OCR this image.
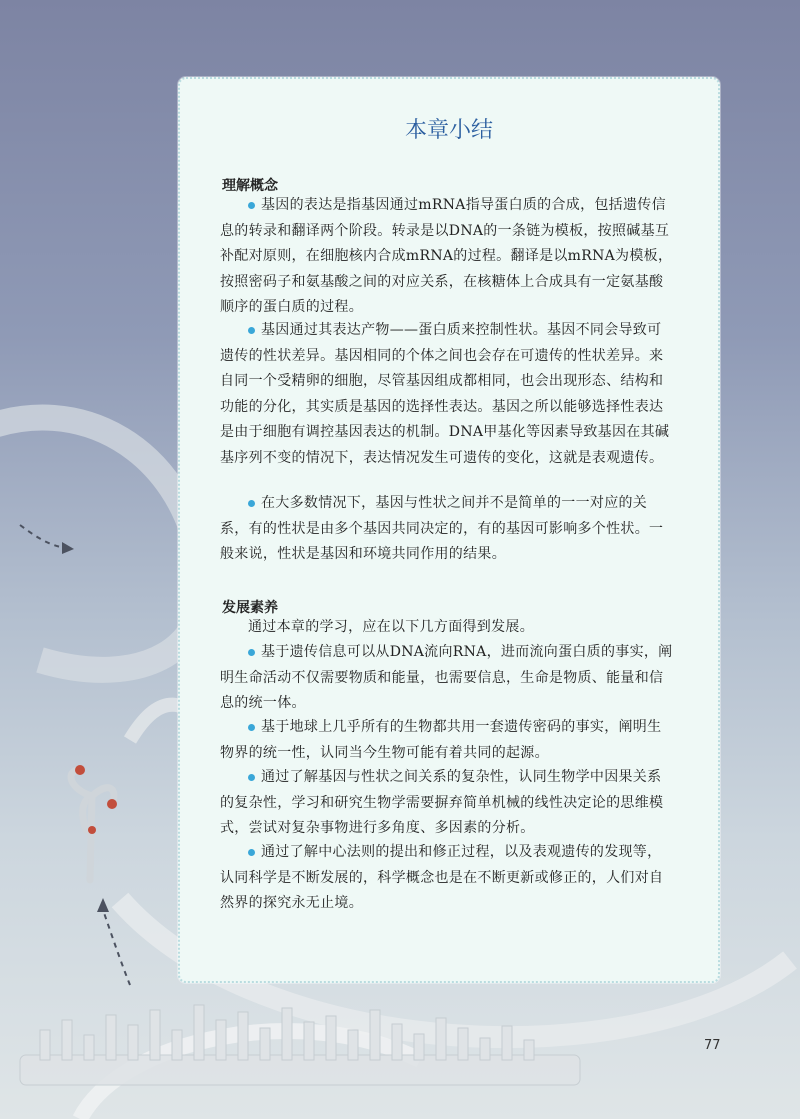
本章小结
理解概念

基因的表达是指基因通过mRNA指导蛋白质的合成，包括遗传信息的转录和翻译两个阶段。转录是以DNA的一条链为模板，按照碱基互补配对原则，在细胞核内合成mRNA的过程。翻译是以mRNA为模板，按照密码子和氨基酸之间的对应关系，在核糖体上合成具有一定氨基酸顺序的蛋白质的过程。

基因通过其表达产物——蛋白质来控制性状。基因不同会导致可遗传的性状差异。基因相同的个体之间也会存在可遗传的性状差异。来自同一个受精卵的细胞，尽管基因组成都相同，也会出现形态、结构和功能的分化，其实质是基因的选择性表达。基因之所以能够选择性表达是由于细胞有调控基因表达的机制。DNA甲基化等因素导致基因在其碱基序列不变的情况下，表达情况发生可遗传的变化，这就是表观遗传。

在大多数情况下，基因与性状之间并不是简单的一一对应的关系，有的性状是由多个基因共同决定的，有的基因可影响多个性状。一般来说，性状是基因和环境共同作用的结果。

发展素养

通过本章的学习，应在以下几方面得到发展。

基于遗传信息可以从DNA流向RNA，进而流向蛋白质的事实，阐明生命活动不仅需要物质和能量，也需要信息，生命是物质、能量和信息的统一体。

基于地球上几乎所有的生物都共用一套遗传密码的事实，阐明生物界的统一性，认同当今生物可能有着共同的起源。

通过了解基因与性状之间关系的复杂性，认同生物学中因果关系的复杂性，学习和研究生物学需要摒弃简单机械的线性决定论的思维模式，尝试对复杂事物进行多角度、多因素的分析。

通过了解中心法则的提出和修正过程，以及表观遗传的发现等，认同科学是不断发展的，科学概念也是在不断更新或修正的，人们对自然界的探究永无止境。

77
